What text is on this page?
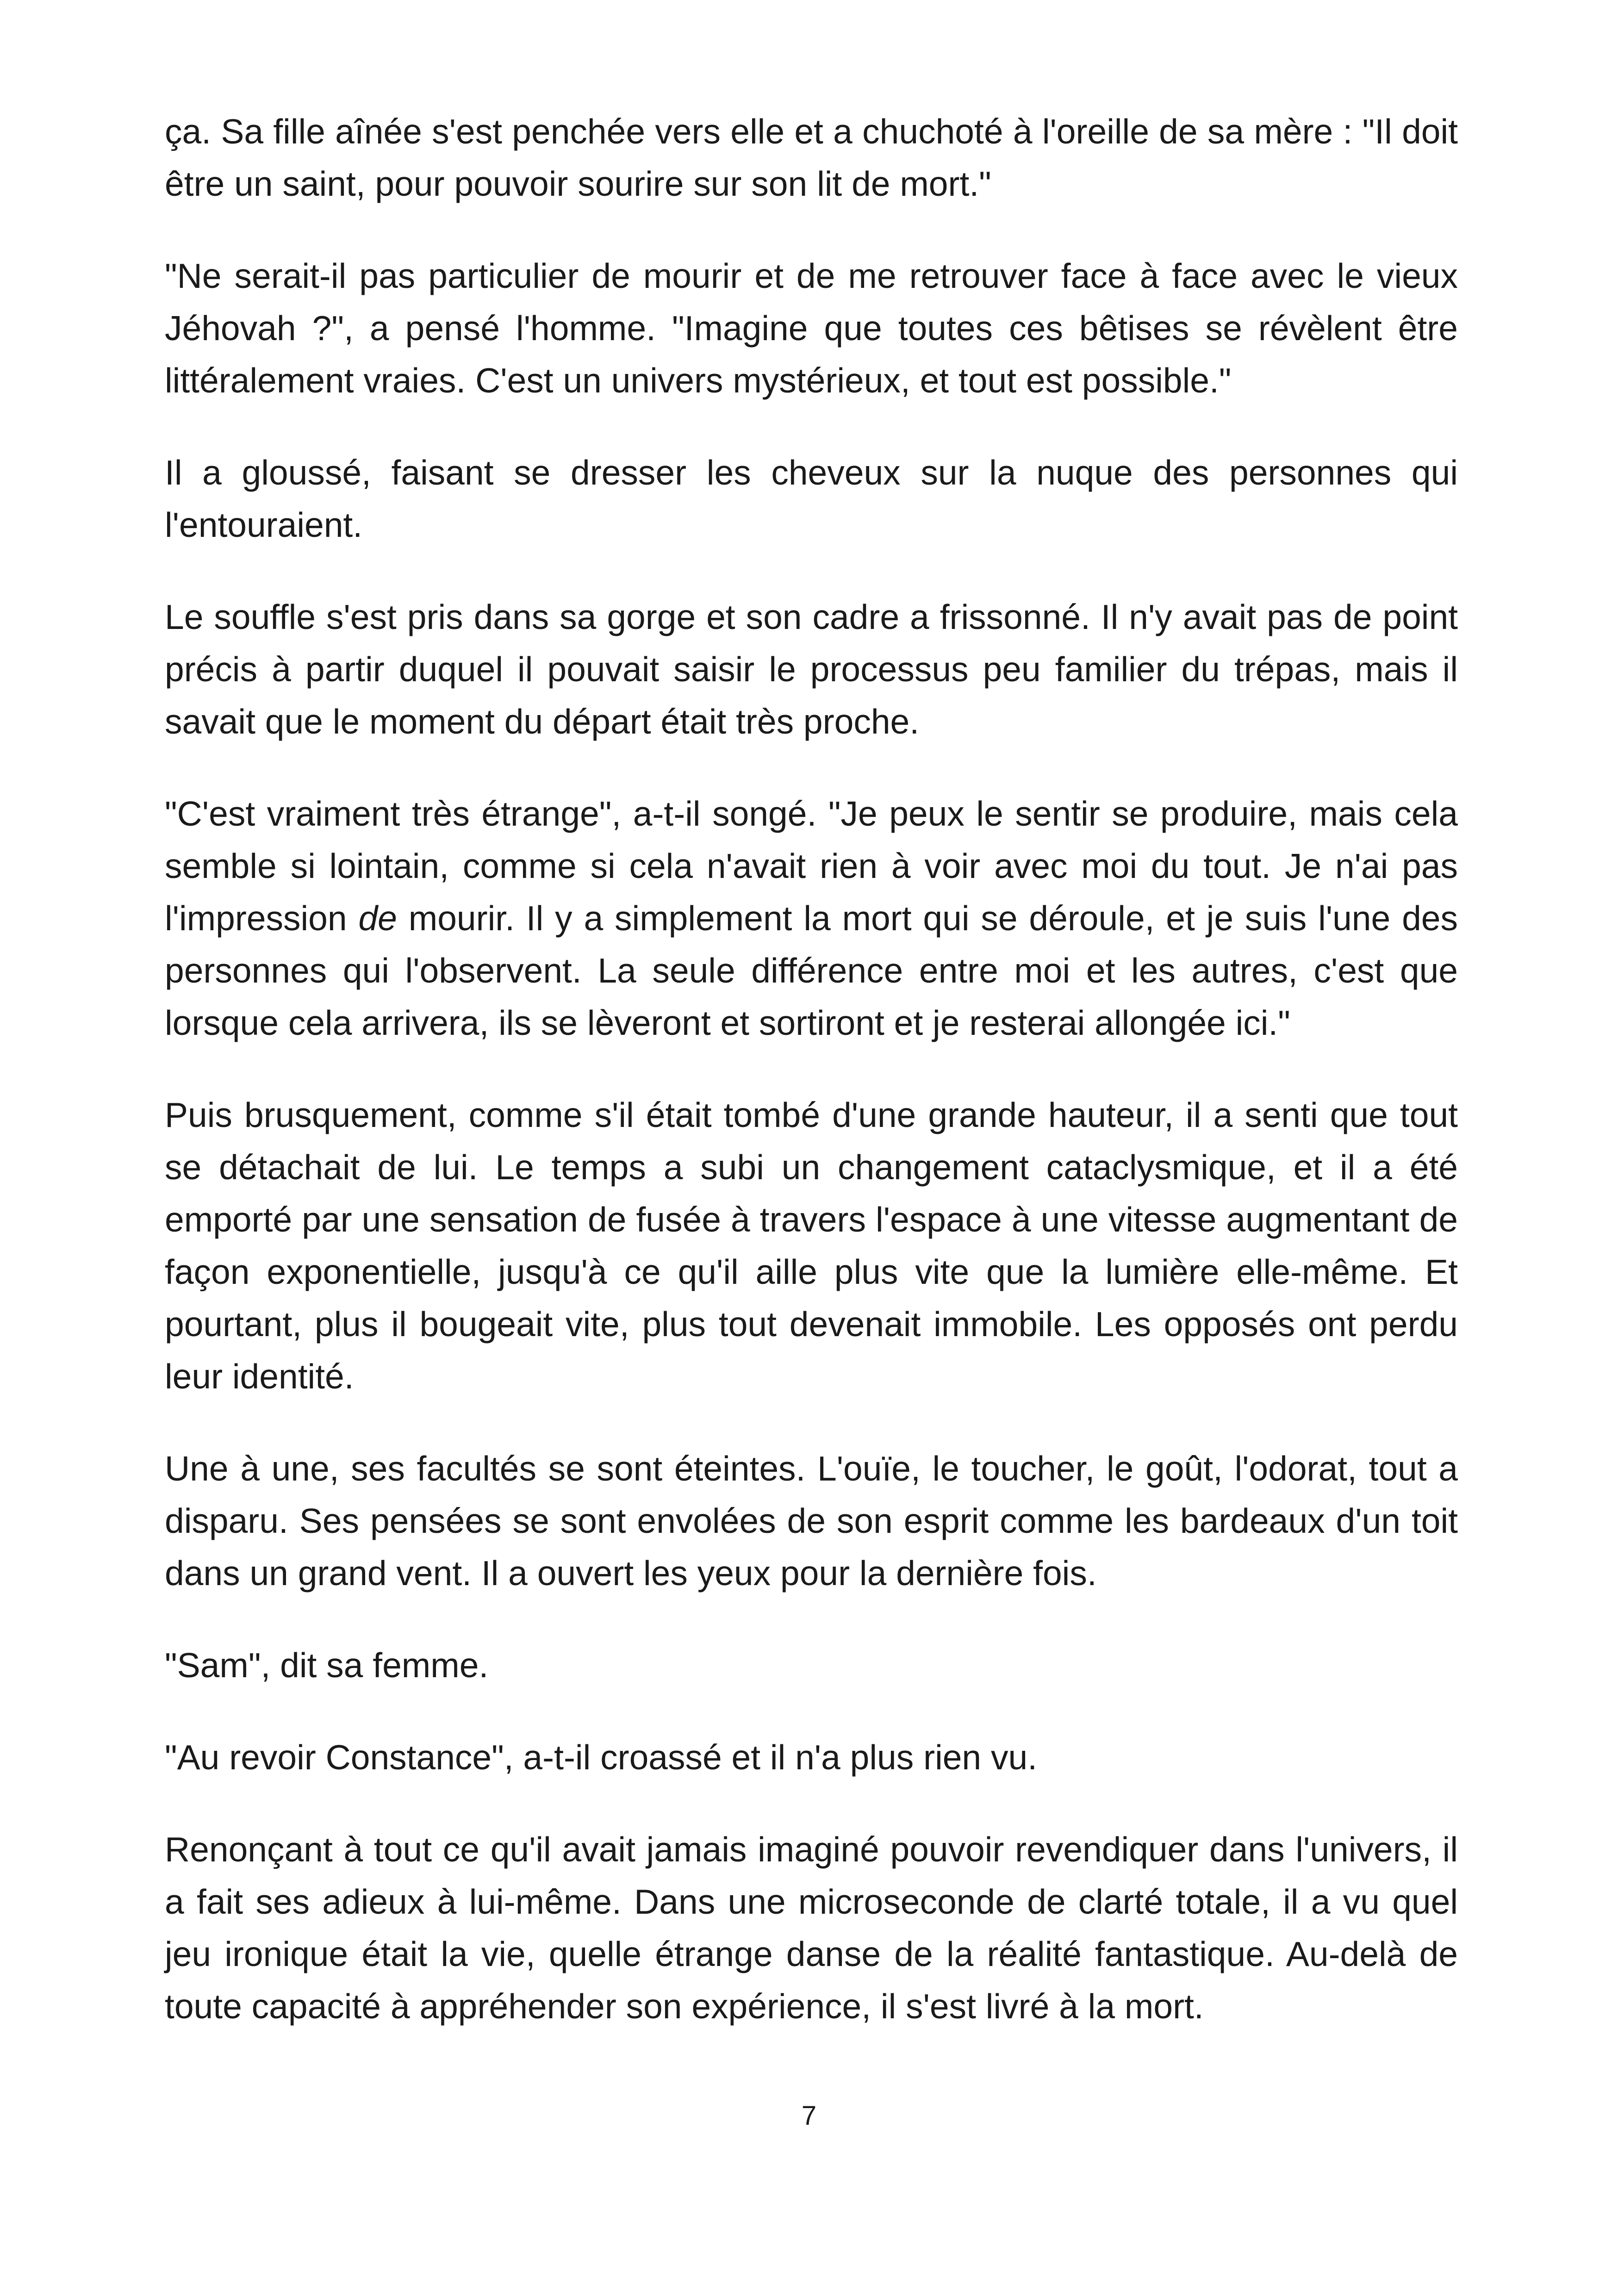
ça. Sa fille aînée s'est penchée vers elle et a chuchoté à l'oreille de sa mère : "Il doit être un saint, pour pouvoir sourire sur son lit de mort."

"Ne serait-il pas particulier de mourir et de me retrouver face à face avec le vieux Jéhovah ?", a pensé l'homme. "Imagine que toutes ces bêtises se révèlent être littéralement vraies. C'est un univers mystérieux, et tout est possible."

Il a gloussé, faisant se dresser les cheveux sur la nuque des personnes qui l'entouraient.

Le souffle s'est pris dans sa gorge et son cadre a frissonné. Il n'y avait pas de point précis à partir duquel il pouvait saisir le processus peu familier du trépas, mais il savait que le moment du départ était très proche.

"C'est vraiment très étrange", a-t-il songé. "Je peux le sentir se produire, mais cela semble si lointain, comme si cela n'avait rien à voir avec moi du tout. Je n'ai pas l'impression de mourir. Il y a simplement la mort qui se déroule, et je suis l'une des personnes qui l'observent. La seule différence entre moi et les autres, c'est que lorsque cela arrivera, ils se lèveront et sortiront et je resterai allongée ici."

Puis brusquement, comme s'il était tombé d'une grande hauteur, il a senti que tout se détachait de lui. Le temps a subi un changement cataclysmique, et il a été emporté par une sensation de fusée à travers l'espace à une vitesse augmentant de façon exponentielle, jusqu'à ce qu'il aille plus vite que la lumière elle-même. Et pourtant, plus il bougeait vite, plus tout devenait immobile. Les opposés ont perdu leur identité.

Une à une, ses facultés se sont éteintes. L'ouïe, le toucher, le goût, l'odorat, tout a disparu. Ses pensées se sont envolées de son esprit comme les bardeaux d'un toit dans un grand vent. Il a ouvert les yeux pour la dernière fois.

"Sam", dit sa femme.

"Au revoir Constance", a-t-il croassé et il n'a plus rien vu.

Renonçant à tout ce qu'il avait jamais imaginé pouvoir revendiquer dans l'univers, il a fait ses adieux à lui-même. Dans une microseconde de clarté totale, il a vu quel jeu ironique était la vie, quelle étrange danse de la réalité fantastique. Au-delà de toute capacité à appréhender son expérience, il s'est livré à la mort.

7
